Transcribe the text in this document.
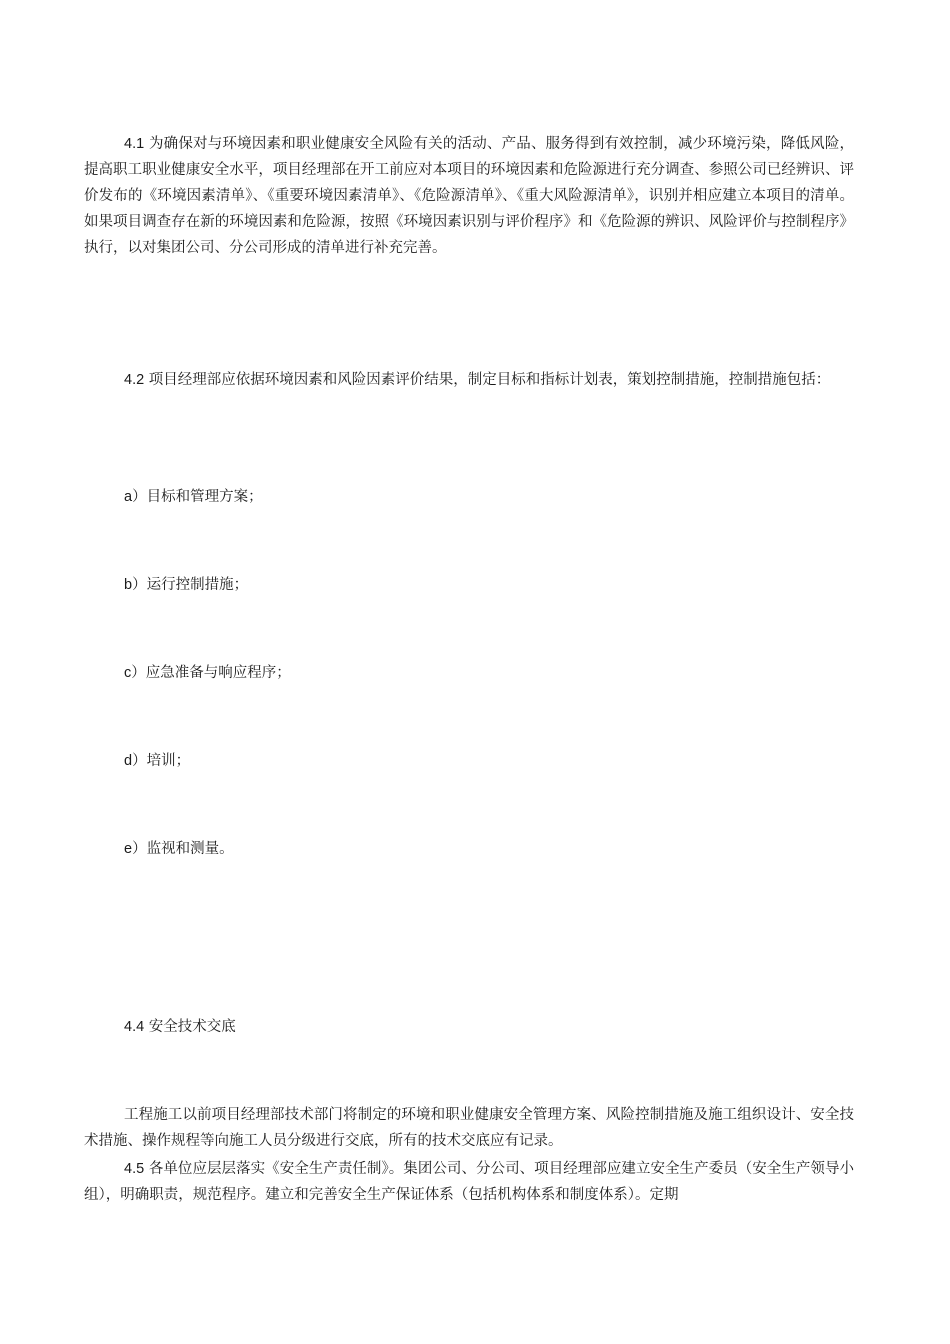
4.1 为确保对与环境因素和职业健康安全风险有关的活动、产品、服务得到有效控制，减少环境污染，降低风险，提高职工职业健康安全水平，项目经理部在开工前应对本项目的环境因素和危险源进行充分调查、参照公司已经辨识、评价发布的《环境因素清单》、《重要环境因素清单》、《危险源清单》、《重大风险源清单》，识别并相应建立本项目的清单。如果项目调查存在新的环境因素和危险源，按照《环境因素识别与评价程序》和《危险源的辨识、风险评价与控制程序》执行，以对集团公司、分公司形成的清单进行补充完善。

4.2 项目经理部应依据环境因素和风险因素评价结果，制定目标和指标计划表，策划控制措施，控制措施包括：

a）目标和管理方案；

b）运行控制措施；

c）应急准备与响应程序；

d）培训；

e）监视和测量。

4.4 安全技术交底

工程施工以前项目经理部技术部门将制定的环境和职业健康安全管理方案、风险控制措施及施工组织设计、安全技术措施、操作规程等向施工人员分级进行交底，所有的技术交底应有记录。

4.5 各单位应层层落实《安全生产责任制》。集团公司、分公司、项目经理部应建立安全生产委员（安全生产领导小组），明确职责，规范程序。建立和完善安全生产保证体系（包括机构体系和制度体系）。定期
